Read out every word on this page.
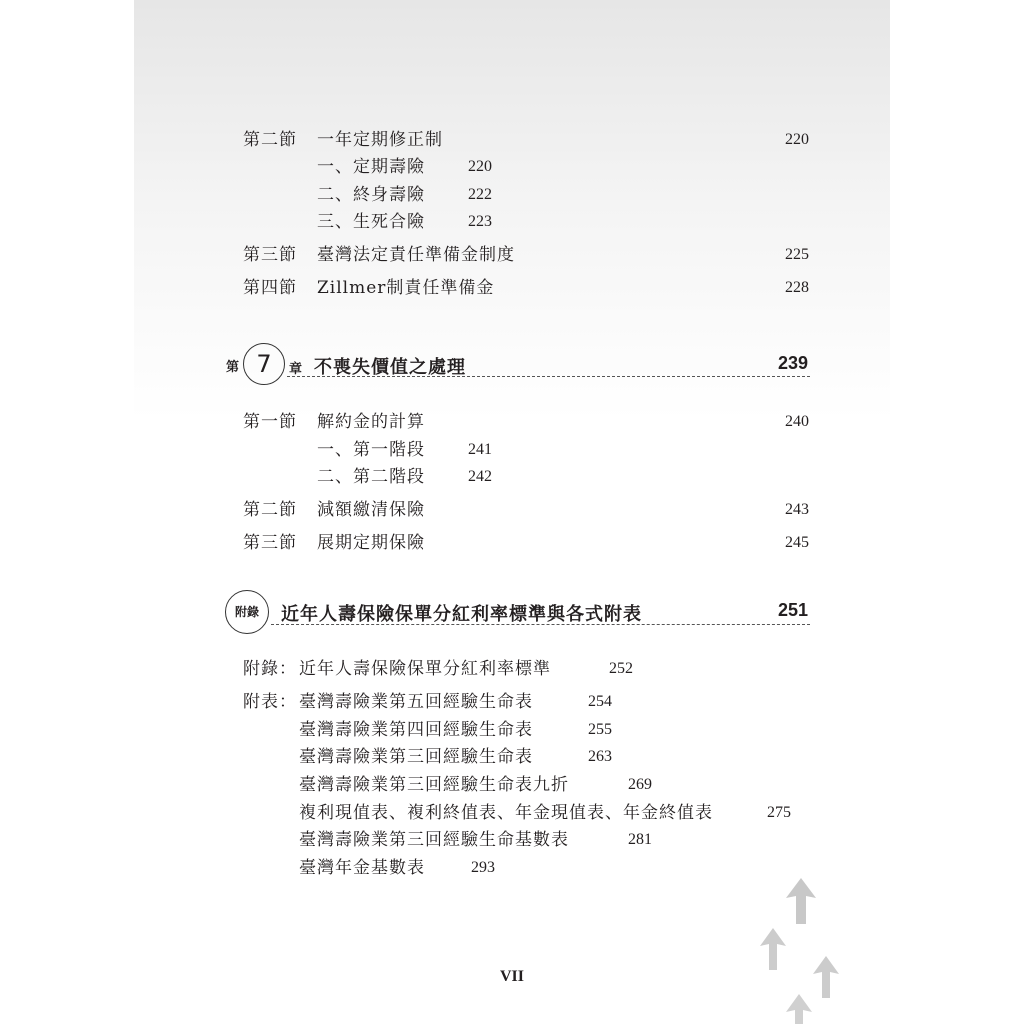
第二節 一年定期修正制	220
一、定期壽險	220
二、終身壽險	222
三、生死合險	223
第三節 臺灣法定責任準備金制度	225
第四節 Zillmer制責任準備金	228
第 7	章 不喪失價值之處理	239
第一節 解約金的計算	240
一、第一階段	241
二、第二階段	242
第二節 減額繳清保險	243
第三節 展期定期保險	245
附錄	近年人壽保險保單分紅利率標準與各式附表	251
附錄： 近年人壽保險保單分紅利率標準	252
附表： 臺灣壽險業第五回經驗生命表	254
臺灣壽險業第四回經驗生命表	255
臺灣壽險業第三回經驗生命表	263
臺灣壽險業第三回經驗生命表九折	269
複利現值表、複利終值表、年金現值表、年金終值表	275
臺灣壽險業第三回經驗生命基數表	281
臺灣年金基數表	293
VII
